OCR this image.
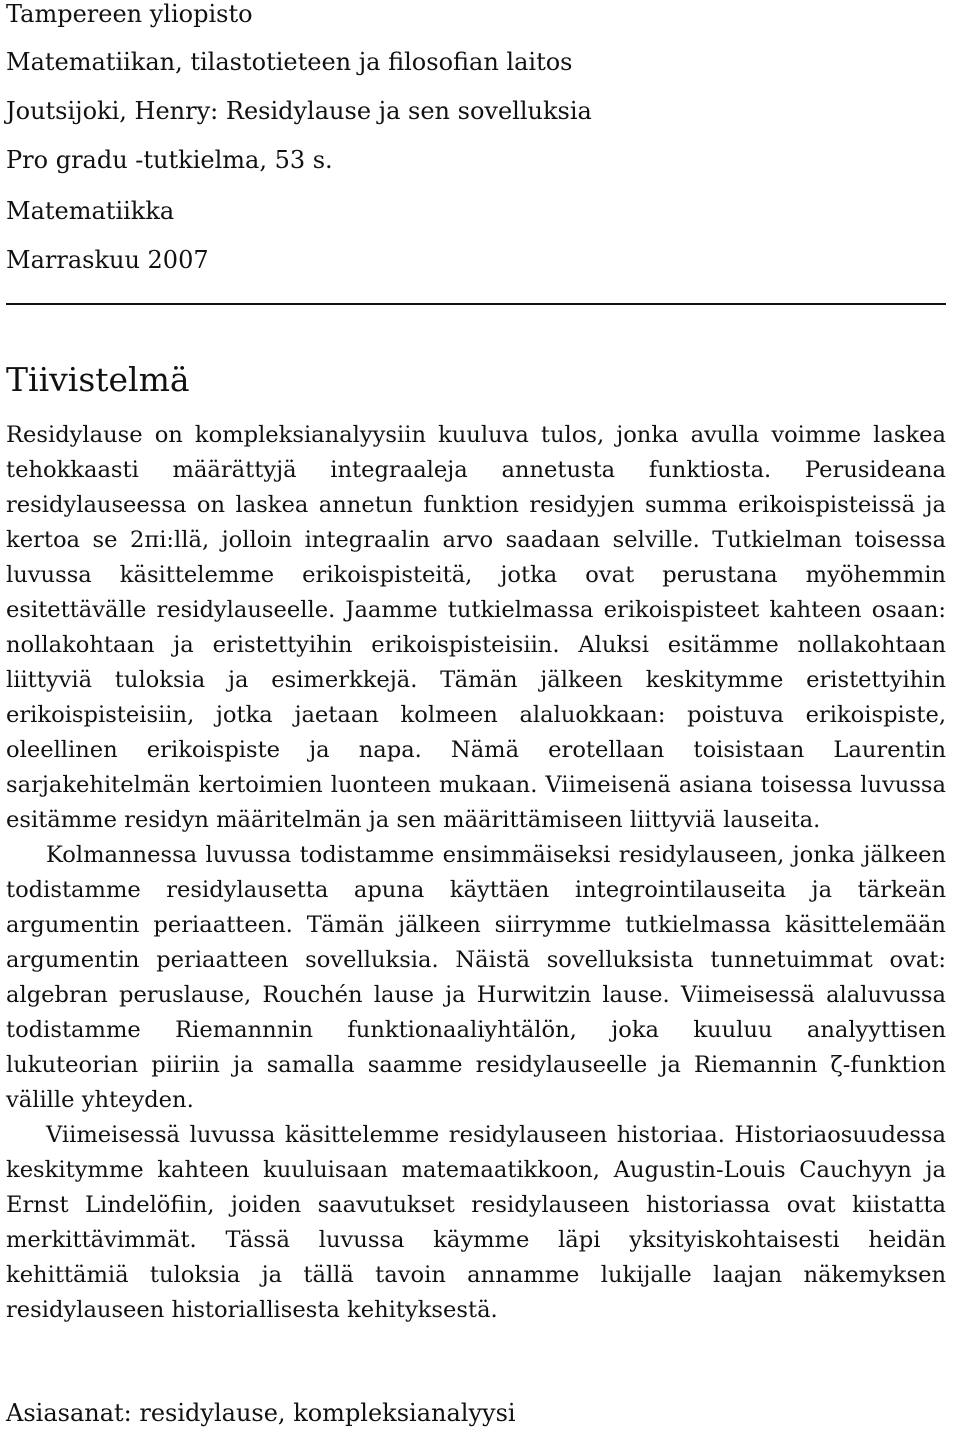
Tampereen yliopisto
Matematiikan, tilastotieteen ja filosofian laitos
Joutsijoki, Henry: Residylause ja sen sovelluksia
Pro gradu -tutkielma, 53 s.
Matematiikka
Marraskuu 2007
Tiivistelmä

Residylause on kompleksianalyysiin kuuluva tulos, jonka avulla voimme laskea tehokkaasti määrättyjä integraaleja annetusta funktiosta. Perusideana residylauseessa on laskea annetun funktion residyjen summa erikoispisteissä ja kertoa se 2πi:llä, jolloin integraalin arvo saadaan selville. Tutkielman toisessa luvussa käsittelemme erikoispisteitä, jotka ovat perustana myöhemmin esitettävälle residylauseelle. Jaamme tutkielmassa erikoispisteet kahteen osaan: nollakohtaan ja eristettyihin erikoispisteisiin. Aluksi esitämme nollakohtaan liittyviä tuloksia ja esimerkkejä. Tämän jälkeen keskitymme eristettyihin erikoispisteisiin, jotka jaetaan kolmeen alaluokkaan: poistuva erikoispiste, oleellinen erikoispiste ja napa. Nämä erotellaan toisistaan Laurentin sarjakehitelmän kertoimien luonteen mukaan. Viimeisenä asiana toisessa luvussa esitämme residyn määritelmän ja sen määrittämiseen liittyviä lauseita.

Kolmannessa luvussa todistamme ensimmäiseksi residylauseen, jonka jälkeen todistamme residylausetta apuna käyttäen integrointilauseita ja tärkeän argumentin periaatteen. Tämän jälkeen siirrymme tutkielmassa käsittelemään argumentin periaatteen sovelluksia. Näistä sovelluksista tunnetuimmat ovat: algebran peruslause, Rouchén lause ja Hurwitzin lause. Viimeisessä alaluvussa todistamme Riemannnin funktionaaliyhtälön, joka kuuluu analyyttisen lukuteorian piiriin ja samalla saamme residylauseelle ja Riemannin ζ-funktion välille yhteyden.

Viimeisessä luvussa käsittelemme residylauseen historiaa. Historiaosuudessa keskitymme kahteen kuuluisaan matemaatikkoon, Augustin-Louis Cauchyyn ja Ernst Lindelöfiin, joiden saavutukset residylauseen historiassa ovat kiistatta merkittävimmät. Tässä luvussa käymme läpi yksityiskohtaisesti heidän kehittämiä tuloksia ja tällä tavoin annamme lukijalle laajan näkemyksen residylauseen historiallisesta kehityksestä.

Asiasanat: residylause, kompleksianalyysi
